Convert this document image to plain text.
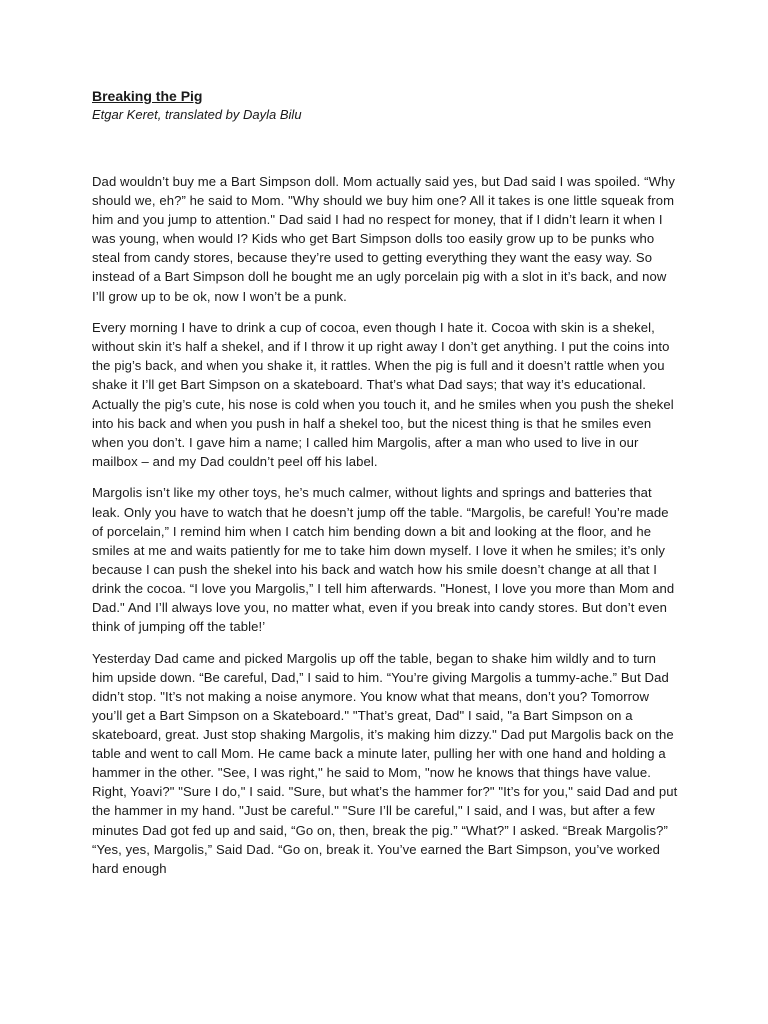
Breaking the Pig

Etgar Keret, translated by Dayla Bilu

Dad wouldn’t buy me a Bart Simpson doll. Mom actually said yes, but Dad said I was spoiled. “Why should we, eh?” he said to Mom. "Why should we buy him one? All it takes is one little squeak from him and you jump to attention." Dad said I had no respect for money, that if I didn’t learn it when I was young, when would I? Kids who get Bart Simpson dolls too easily grow up to be punks who steal from candy stores, because they’re used to getting everything they want the easy way. So instead of a Bart Simpson doll he bought me an ugly porcelain pig with a slot in it’s back, and now I’ll grow up to be ok, now I won’t be a punk.

Every morning I have to drink a cup of cocoa, even though I hate it. Cocoa with skin is a shekel, without skin it’s half a shekel, and if I throw it up right away I don’t get anything. I put the coins into the pig’s back, and when you shake it, it rattles. When the pig is full and it doesn’t rattle when you shake it I’ll get Bart Simpson on a skateboard. That’s what Dad says; that way it’s educational. Actually the pig’s cute, his nose is cold when you touch it, and he smiles when you push the shekel into his back and when you push in half a shekel too, but the nicest thing is that he smiles even when you don’t. I gave him a name; I called him Margolis, after a man who used to live in our mailbox – and my Dad couldn’t peel off his label.

Margolis isn’t like my other toys, he’s much calmer, without lights and springs and batteries that leak. Only you have to watch that he doesn’t jump off the table. “Margolis, be careful! You’re made of porcelain,” I remind him when I catch him bending down a bit and looking at the floor, and he smiles at me and waits patiently for me to take him down myself. I love it when he smiles; it’s only because I can push the shekel into his back and watch how his smile doesn’t change at all that I drink the cocoa. “I love you Margolis,” I tell him afterwards. "Honest, I love you more than Mom and Dad." And I’ll always love you, no matter what, even if you break into candy stores. But don’t even think of jumping off the table!’

Yesterday Dad came and picked Margolis up off the table, began to shake him wildly and to turn him upside down. “Be careful, Dad,” I said to him. “You’re giving Margolis a tummy-ache.” But Dad didn’t stop. "It’s not making a noise anymore. You know what that means, don’t you? Tomorrow you’ll get a Bart Simpson on a Skateboard." "That’s great, Dad" I said, "a Bart Simpson on a skateboard, great. Just stop shaking Margolis, it’s making him dizzy." Dad put Margolis back on the table and went to call Mom. He came back a minute later, pulling her with one hand and holding a hammer in the other. "See, I was right," he said to Mom, "now he knows that things have value. Right, Yoavi?" "Sure I do," I said. "Sure, but what’s the hammer for?" "It’s for you," said Dad and put the hammer in my hand. "Just be careful." "Sure I’ll be careful," I said, and I was, but after a few minutes Dad got fed up and said, “Go on, then, break the pig.” “What?” I asked. “Break Margolis?” “Yes, yes, Margolis,” Said Dad. “Go on, break it. You’ve earned the Bart Simpson, you’ve worked hard enough
